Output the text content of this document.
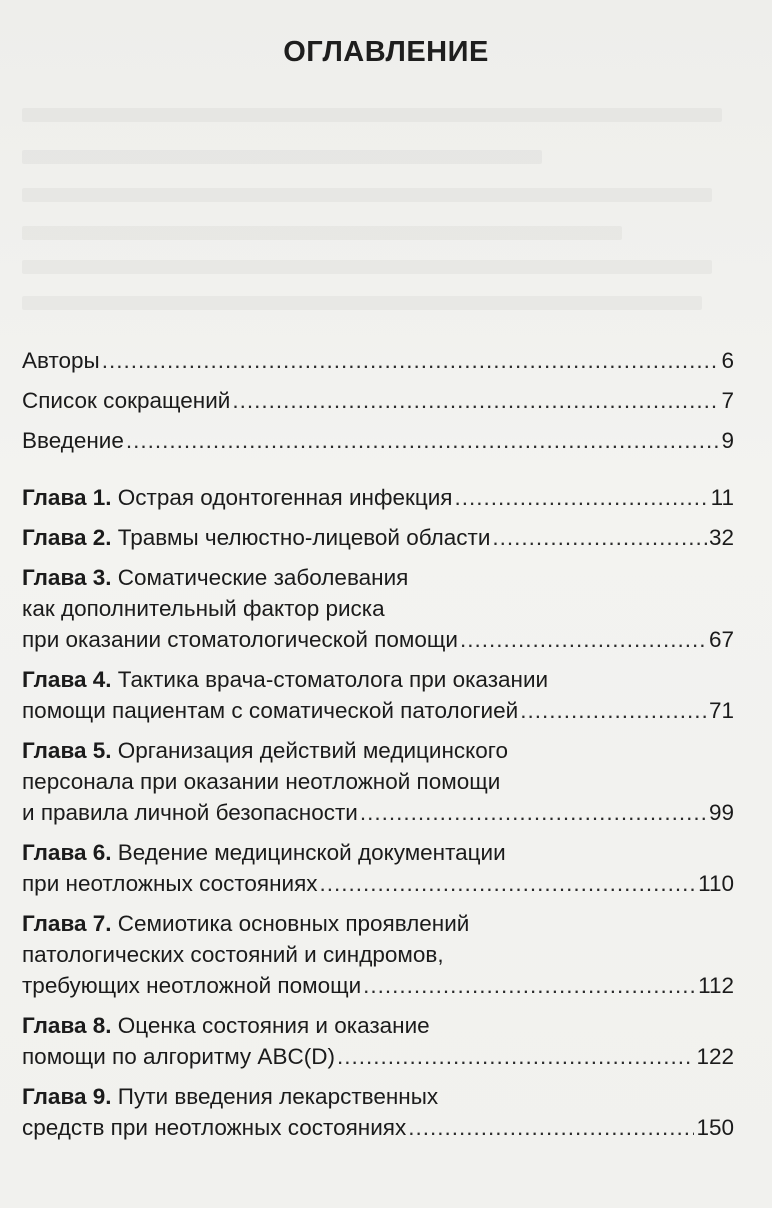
ОГЛАВЛЕНИЕ
Авторы .....	6
Список сокращений .....	7
Введение .....	9
Глава 1. Острая одонтогенная инфекция .....	11
Глава 2. Травмы челюстно-лицевой области .....	32
Глава 3. Соматические заболевания
как дополнительный фактор риска
при оказании стоматологической помощи .....	67
Глава 4. Тактика врача-стоматолога при оказании
помощи пациентам с соматической патологией .....	71
Глава 5. Организация действий медицинского
персонала при оказании неотложной помощи
и правила личной безопасности .....	99
Глава 6. Ведение медицинской документации
при неотложных состояниях .....	110
Глава 7. Семиотика основных проявлений
патологических состояний и синдромов,
требующих неотложной помощи .....	112
Глава 8. Оценка состояния и оказание
помощи по алгоритму ABC(D) .....	122
Глава 9. Пути введения лекарственных
средств при неотложных состояниях .....	150
